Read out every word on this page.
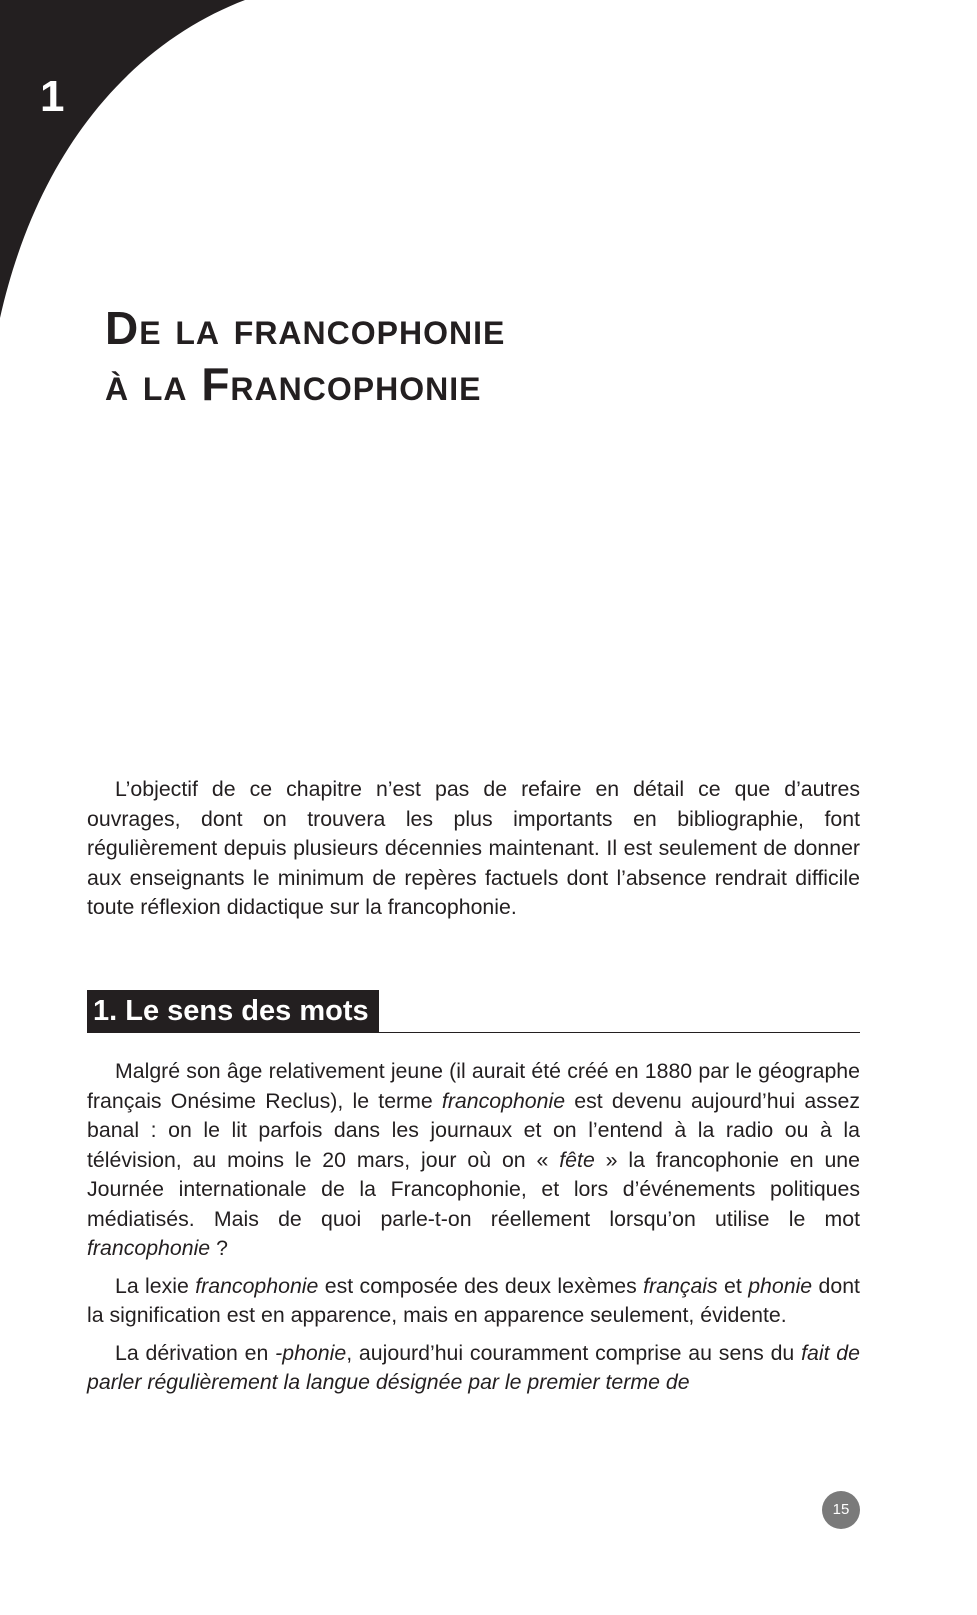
1
De la francophonie
à la Francophonie

L’objectif de ce chapitre n’est pas de refaire en détail ce que d’autres ouvrages, dont on trouvera les plus importants en bibliographie, font régulièrement depuis plusieurs décennies maintenant. Il est seulement de donner aux enseignants le minimum de repères factuels dont l’absence rendrait difficile toute réflexion didactique sur la francophonie.

1. Le sens des mots

Malgré son âge relativement jeune (il aurait été créé en 1880 par le géographe français Onésime Reclus), le terme francophonie est devenu aujourd’hui assez banal : on le lit parfois dans les journaux et on l’entend à la radio ou à la télévision, au moins le 20 mars, jour où on « fête » la francophonie en une Journée internationale de la Francophonie, et lors d’événements politiques médiatisés. Mais de quoi parle-t-on réellement lorsqu’on utilise le mot francophonie ?

La lexie francophonie est composée des deux lexèmes français et phonie dont la signification est en apparence, mais en apparence seulement, évidente.

La dérivation en -phonie, aujourd’hui couramment comprise au sens du fait de parler régulièrement la langue désignée par le premier terme de

15
